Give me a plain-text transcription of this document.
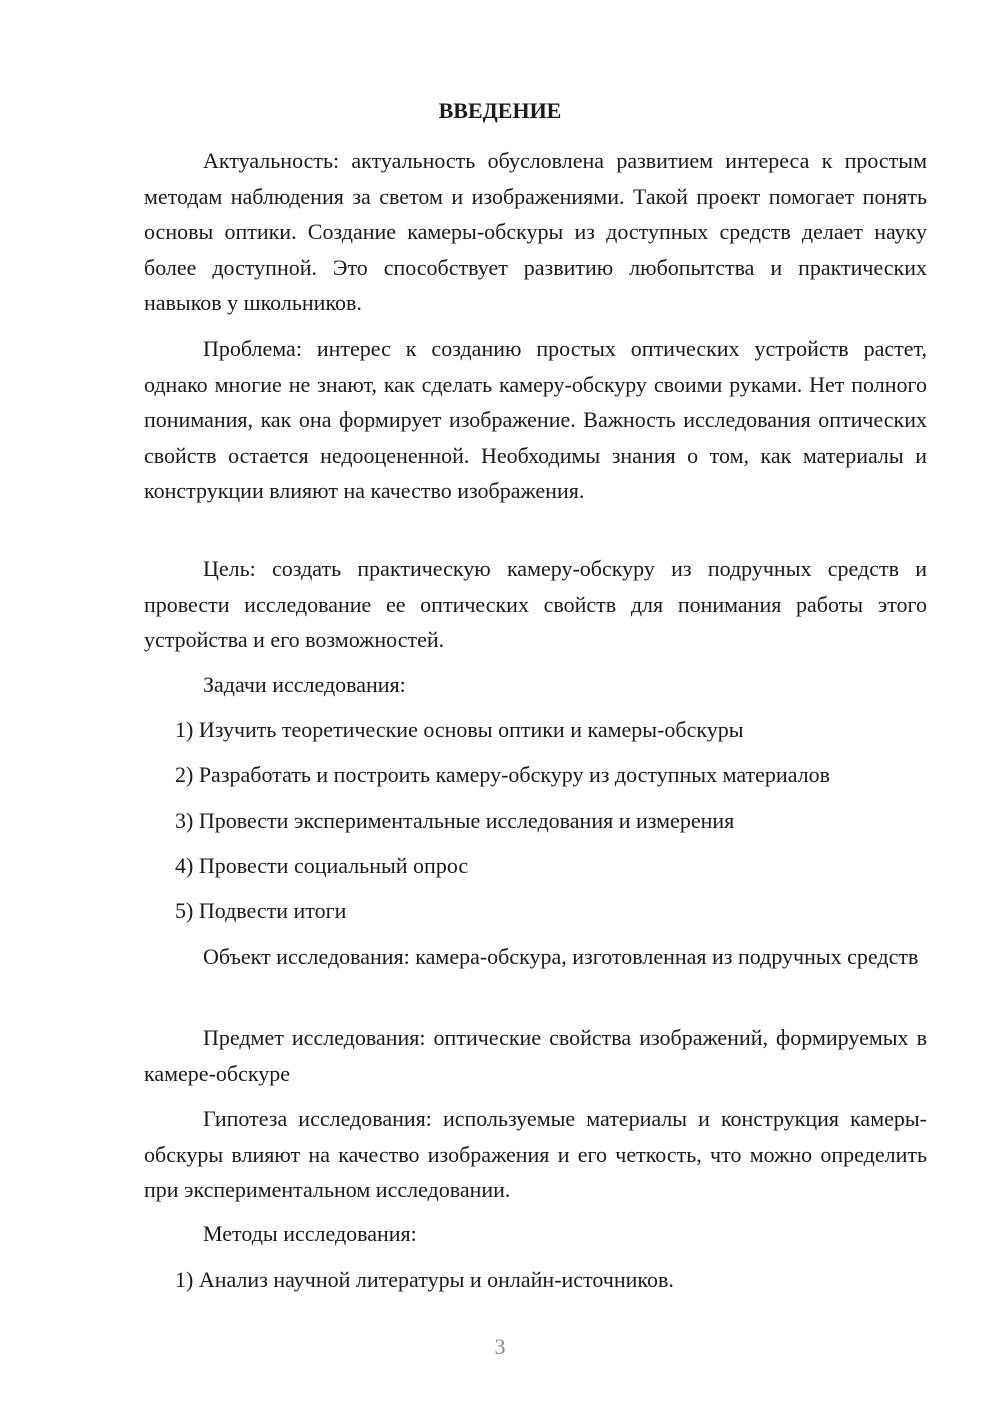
ВВЕДЕНИЕ
Актуальность: актуальность обусловлена развитием интереса к простым методам наблюдения за светом и изображениями. Такой проект помогает понять основы оптики. Создание камеры-обскуры из доступных средств делает науку более доступной. Это способствует развитию любопытства и практических навыков у школьников.
Проблема: интерес к созданию простых оптических устройств растет, однако многие не знают, как сделать камеру-обскуру своими руками. Нет полного понимания, как она формирует изображение. Важность исследования оптических свойств остается недооцененной. Необходимы знания о том, как материалы и конструкции влияют на качество изображения.
Цель: создать практическую камеру-обскуру из подручных средств и провести исследование ее оптических свойств для понимания работы этого устройства и его возможностей.
Задачи исследования:
1) Изучить теоретические основы оптики и камеры-обскуры
2) Разработать и построить камеру-обскуру из доступных материалов
3) Провести экспериментальные исследования и измерения
4) Провести социальный опрос
5) Подвести итоги
Объект исследования: камера-обскура, изготовленная из подручных средств
Предмет исследования: оптические свойства изображений, формируемых в камере-обскуре
Гипотеза исследования: используемые материалы и конструкция камеры-обскуры влияют на качество изображения и его четкость, что можно определить при экспериментальном исследовании.
Методы исследования:
1) Анализ научной литературы и онлайн-источников.
3
